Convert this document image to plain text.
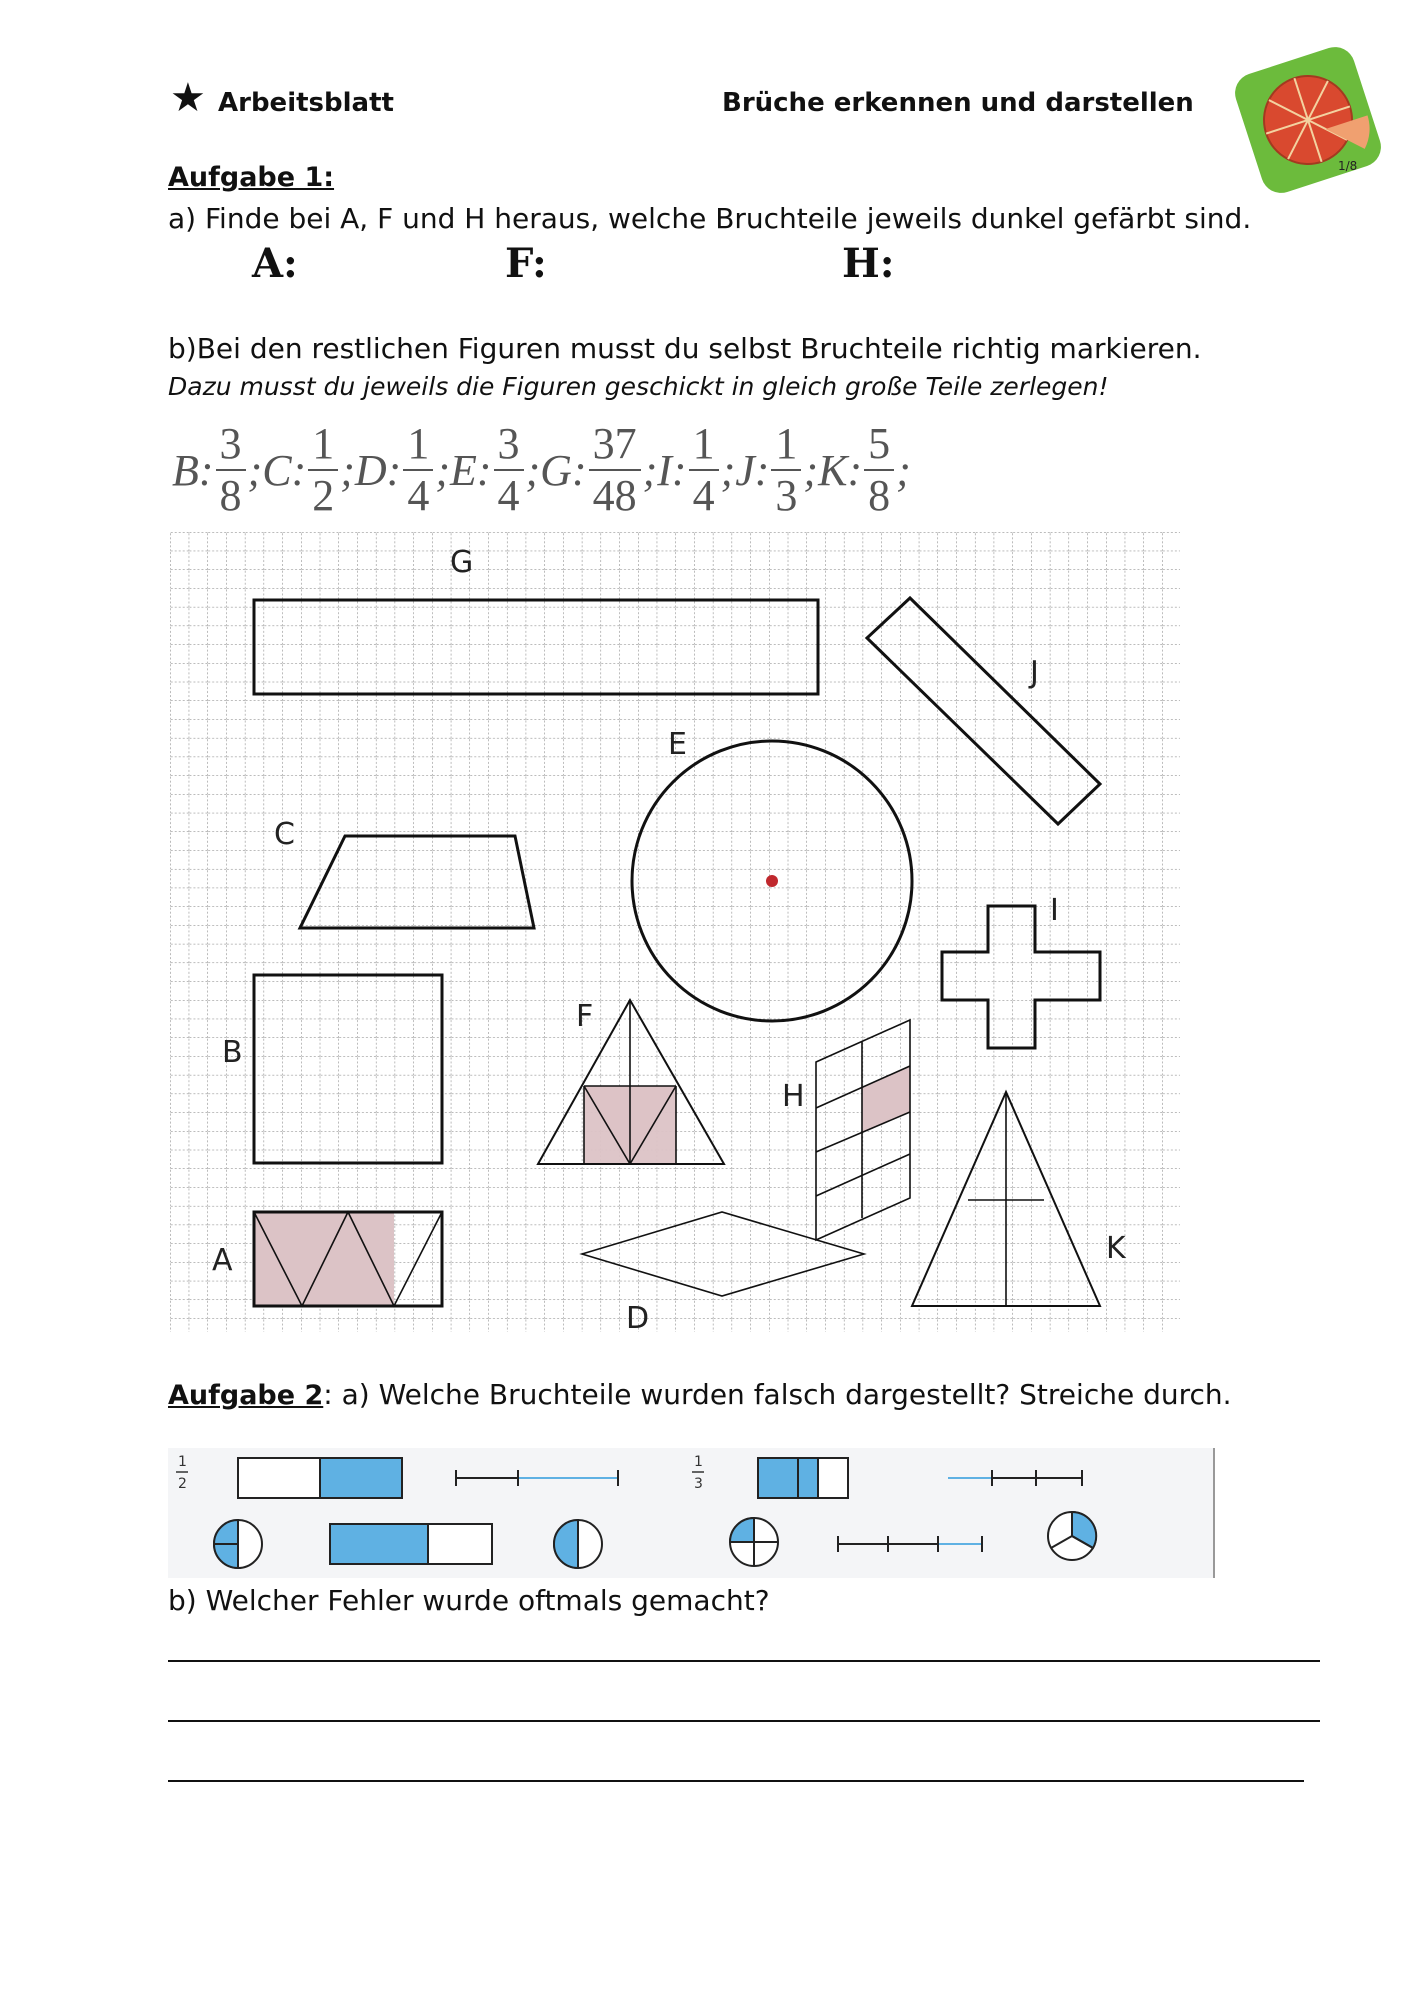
★ Arbeitsblatt	Brüche erkennen und darstellen
1/8
Aufgabe 1:
a) Finde bei A, F und H heraus, welche Bruchteile jeweils dunkel gefärbt sind.
A:	F:	H:
b)Bei den restlichen Figuren musst du selbst Bruchteile richtig markieren.
Dazu musst du jeweils die Figuren geschickt in gleich große Teile zerlegen!
B : $\frac{3}{8}$ ; C : $\frac{1}{2}$ ; D : $\frac{1}{4}$ ; E : $\frac{3}{4}$ ; G : $\frac{37}{48}$ ; I : $\frac{1}{4}$ ; J : $\frac{1}{3}$ ; K : $\frac{5}{8}$ ;
G
J
E
C
I
B
F
H
A
D
K
Aufgabe 2: a) Welche Bruchteile wurden falsch dargestellt? Streiche durch.
1
2
1
3
b) Welcher Fehler wurde oftmals gemacht?
